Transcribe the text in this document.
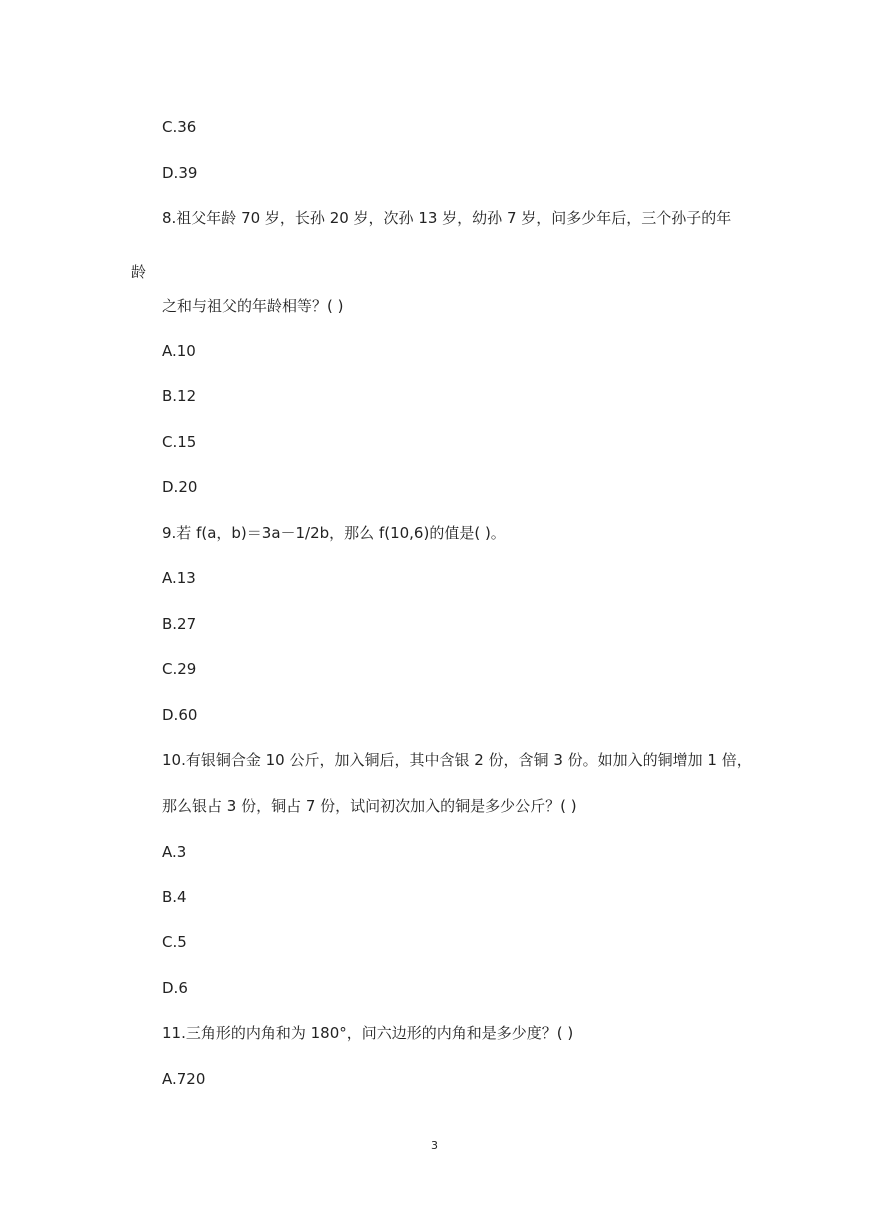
C.36
D.39
8.祖父年龄 70 岁，长孙 20 岁，次孙 13 岁，幼孙 7 岁，问多少年后，三个孙子的年
龄
之和与祖父的年龄相等？( )
A.10
B.12
C.15
D.20
9.若 f(a，b)＝3a－1/2b，那么 f(10,6)的值是( )。
A.13
B.27
C.29
D.60
10.有银铜合金 10 公斤，加入铜后，其中含银 2 份，含铜 3 份。如加入的铜增加 1 倍，
那么银占 3 份，铜占 7 份，试问初次加入的铜是多少公斤？( )
A.3
B.4
C.5
D.6
11.三角形的内角和为 180°，问六边形的内角和是多少度？( )
A.720
3
